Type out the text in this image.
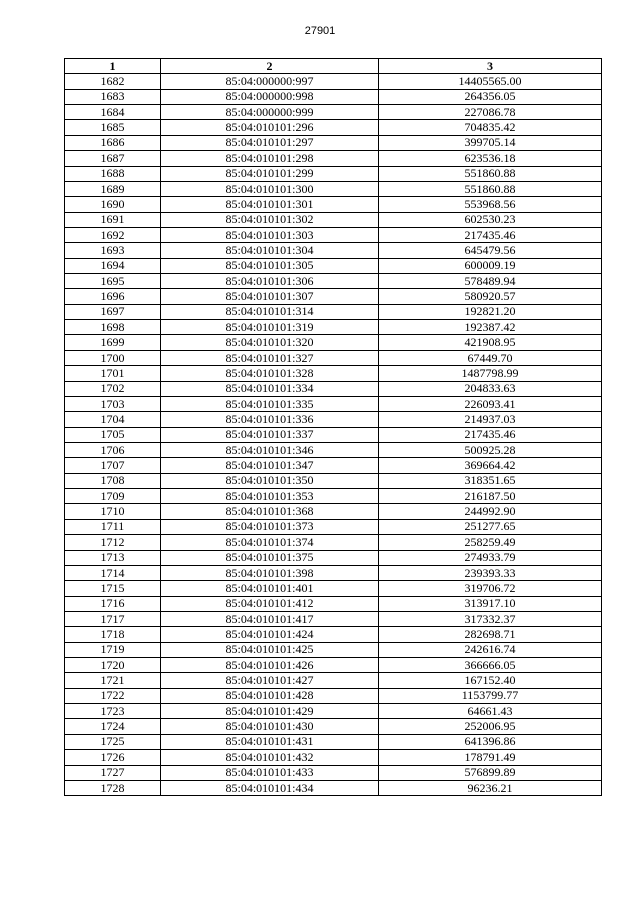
27901
1	2	3
1682	85:04:000000:997	14405565.00
1683	85:04:000000:998	264356.05
1684	85:04:000000:999	227086.78
1685	85:04:010101:296	704835.42
1686	85:04:010101:297	399705.14
1687	85:04:010101:298	623536.18
1688	85:04:010101:299	551860.88
1689	85:04:010101:300	551860.88
1690	85:04:010101:301	553968.56
1691	85:04:010101:302	602530.23
1692	85:04:010101:303	217435.46
1693	85:04:010101:304	645479.56
1694	85:04:010101:305	600009.19
1695	85:04:010101:306	578489.94
1696	85:04:010101:307	580920.57
1697	85:04:010101:314	192821.20
1698	85:04:010101:319	192387.42
1699	85:04:010101:320	421908.95
1700	85:04:010101:327	67449.70
1701	85:04:010101:328	1487798.99
1702	85:04:010101:334	204833.63
1703	85:04:010101:335	226093.41
1704	85:04:010101:336	214937.03
1705	85:04:010101:337	217435.46
1706	85:04:010101:346	500925.28
1707	85:04:010101:347	369664.42
1708	85:04:010101:350	318351.65
1709	85:04:010101:353	216187.50
1710	85:04:010101:368	244992.90
1711	85:04:010101:373	251277.65
1712	85:04:010101:374	258259.49
1713	85:04:010101:375	274933.79
1714	85:04:010101:398	239393.33
1715	85:04:010101:401	319706.72
1716	85:04:010101:412	313917.10
1717	85:04:010101:417	317332.37
1718	85:04:010101:424	282698.71
1719	85:04:010101:425	242616.74
1720	85:04:010101:426	366666.05
1721	85:04:010101:427	167152.40
1722	85:04:010101:428	1153799.77
1723	85:04:010101:429	64661.43
1724	85:04:010101:430	252006.95
1725	85:04:010101:431	641396.86
1726	85:04:010101:432	178791.49
1727	85:04:010101:433	576899.89
1728	85:04:010101:434	96236.21
